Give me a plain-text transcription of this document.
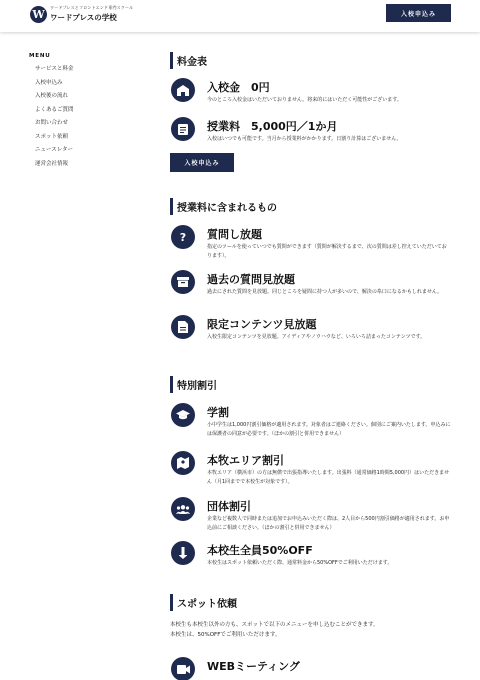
W	ワードプレスとフロントエンド専門スクール
ワードプレスの学校	入校申込み
MENU
サービスと料金
入校申込み
入校後の流れ
よくあるご質問
お問い合わせ
スポット依頼
ニュースレター
運営会社情報
料金表
入校金　0円
今のところ入校金はいただいておりません。将来的にはいただく可能性がございます。
授業料　5,000円／1か月
入校はいつでも可能です。当月から授業料がかかります。日割り計算はございません。
入校申込み
授業料に含まれるもの
?	質問し放題
指定のツールを使っていつでも質問ができます（質問が解決するまで、次の質問は差し控えていただいております）。
過去の質問見放題
過去にされた質問を見放題。同じところを疑問に持つ人が多いので、解決の糸口になるかもしれません。
限定コンテンツ見放題
入校生限定コンテンツを見放題。アイディアやノウハウなど、いろいろ詰まったコンテンツです。
特別割引
学割
小中学生は1,000円割引価格が適用されます。対象者はご連絡ください。個別にご案内いたします。申込みには保護者の同意が必要です。（ほかの割引と併用できません）
本牧エリア割引
本牧エリア（横浜市）の方は無償で出張指導いたします。出張料（通常価格1時間5,000円）はいただきません（月1回までで本校生が対象です）。
団体割引
企業など複数人で同時または追加でお申込みいただく際は、2人目から500円割引価格が適用されます。お申込前にご相談ください。（ほかの割引と併用できません）
本校生全員50%OFF
本校生はスポット依頼いただく際、通常料金から50%OFFでご利用いただけます。
スポット依頼
本校生も本校生以外の方も、スポットで以下のメニューを申し込むことができます。
本校生は、50%OFFでご利用いただけます。
WEBミーティング
